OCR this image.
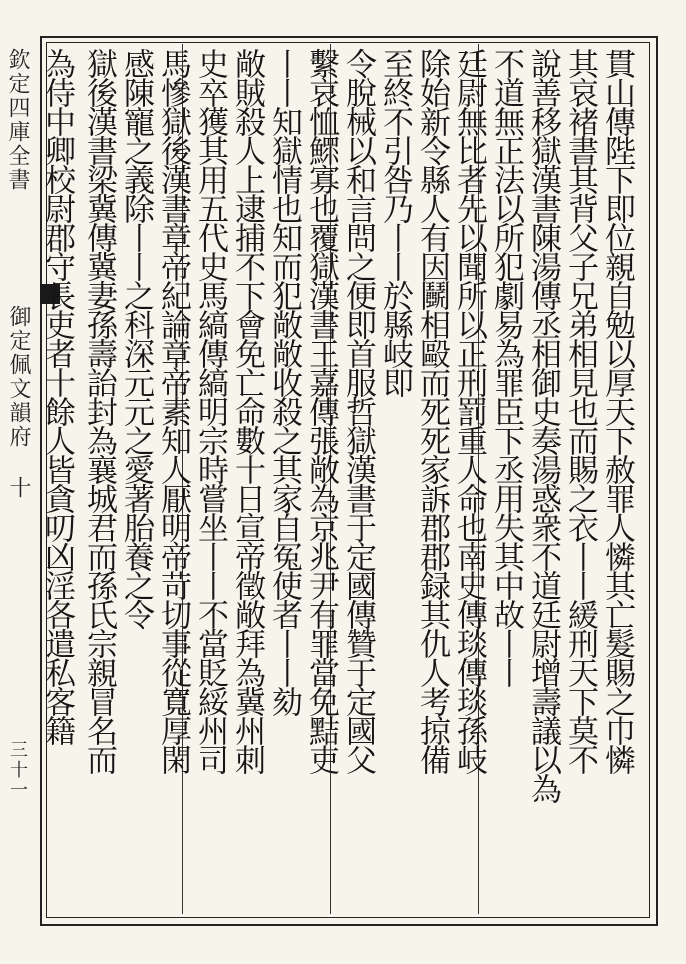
欽定四庫全書
御定佩文韻府 十
三十一	貫山傳陛下即位親自勉以厚天下赦罪人憐其亡髮賜之巾憐
其哀褚書其背父子兄弟相見也而賜之衣丨丨緩刑天下莫不
說善移獄漢書陳湯傳丞相御史奏湯惑衆不道廷尉增壽議以為
不道無正法以所犯劇易為罪臣下丞用失其中故丨丨
廷尉無比者先以聞所以正刑罰重人命也南史傳琰傳琰孫岐
除始新令縣人有因鬭相毆而死死家訴郡郡録其仇人考掠備
至終不引咎乃丨丨於縣岐即
令脫械以和言問之便即首服哲獄漢書于定國傳贊于定國父
繫哀恤鰥寡也覆獄漢書王嘉傳張敞為京兆尹有罪當免黠吏
丨丨知獄情也知而犯敞敞收殺之其家自冤使者丨丨劾
敞賊殺人上逮捕不下會免亡命數十日宣帝徵敞拜為冀州刺
史卒獲其用五代史馬縞傳縞明宗時嘗坐丨丨不當貶綏州司
馬慘獄後漢書章帝紀論章帝素知人厭明帝苛切事從寬厚閑
感陳寵之義除丨丨之科深元元之愛著胎養之令
獄後漢書梁冀傳冀妻孫壽詒封為襄城君而孫氏宗親冒名而
為侍中卿校尉郡守長吏者十餘人皆貪叨凶淫各遣私客籍
